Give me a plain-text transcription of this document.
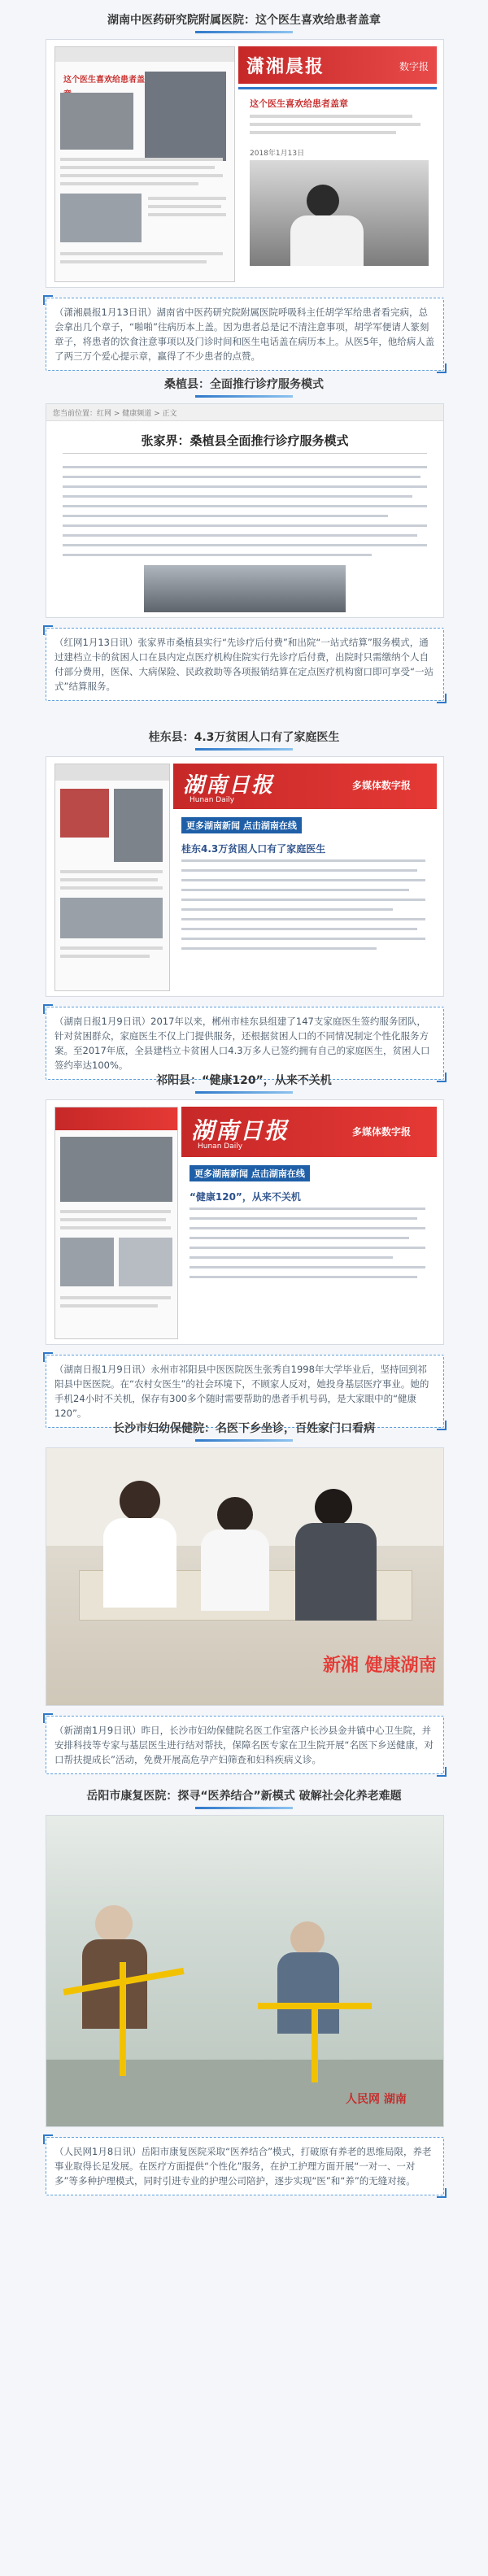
湖南中医药研究院附属医院：这个医生喜欢给患者盖章
这个医生喜欢给患者盖
潇湘晨报	数字报
这个医生喜欢给患者盖章
2018年1月13日
（潇湘晨报1月13日讯）湖南省中医药研究院附属医院呼吸科主任胡学军给患者看完病，总会拿出几个章子，“啪啪”往病历本上盖。因为患者总是记不清注意事项，胡学军便请人篆刻章子，将患者的饮食注意事项以及门诊时间和医生电话盖在病历本上。从医5年，他给病人盖了两三万个爱心提示章，赢得了不少患者的点赞。
桑植县：全面推行诊疗服务模式
您当前位置：红网 > 健康频道 > 正文
张家界：桑植县全面推行诊疗服务模式
（红网1月13日讯）张家界市桑植县实行“先诊疗后付费”和出院“一站式结算”服务模式，通过建档立卡的贫困人口在县内定点医疗机构住院实行先诊疗后付费，出院时只需缴纳个人自付部分费用，医保、大病保险、民政救助等各项报销结算在定点医疗机构窗口即可享受“一站式”结算服务。
桂东县：4.3万贫困人口有了家庭医生
湖南日报
Hunan Daily
多媒体数字报
更多湖南新闻 点击湖南在线
桂东4.3万贫困人口有了家庭医生
（湖南日报1月9日讯）2017年以来，郴州市桂东县组建了147支家庭医生签约服务团队，针对贫困群众，家庭医生不仅上门提供服务，还根据贫困人口的不同情况制定个性化服务方案。至2017年底，全县建档立卡贫困人口4.3万多人已签约拥有自己的家庭医生，贫困人口签约率达100%。
祁阳县：“健康120”，从来不关机
湖南日报
Hunan Daily
多媒体数字报
更多湖南新闻 点击湖南在线
“健康120”，从来不关机
（湖南日报1月9日讯）永州市祁阳县中医医院医生张秀自1998年大学毕业后，坚持回到祁阳县中医医院。在“农村女医生”的社会环境下，不顾家人反对，她投身基层医疗事业。她的手机24小时不关机，保存有300多个随时需要帮助的患者手机号码，是大家眼中的“健康120”。
长沙市妇幼保健院：名医下乡坐诊，百姓家门口看病
新湘 健康湖南
（新湖南1月9日讯）昨日，长沙市妇幼保健院名医工作室落户长沙县金井镇中心卫生院，并安排科技等专家与基层医生进行结对帮扶，保障名医专家在卫生院开展“名医下乡送健康，对口帮扶提成长”活动，免费开展高危孕产妇筛查和妇科疾病义诊。
岳阳市康复医院：探寻“医养结合”新模式 破解社会化养老难题
人民网 湖南
（人民网1月8日讯）岳阳市康复医院采取“医养结合”模式，打破原有养老的思维局限，养老事业取得长足发展。在医疗方面提供“个性化”服务，在护工护理方面开展“一对一、一对多”等多种护理模式，同时引进专业的护理公司陪护，逐步实现“医”和“养”的无缝对接。
